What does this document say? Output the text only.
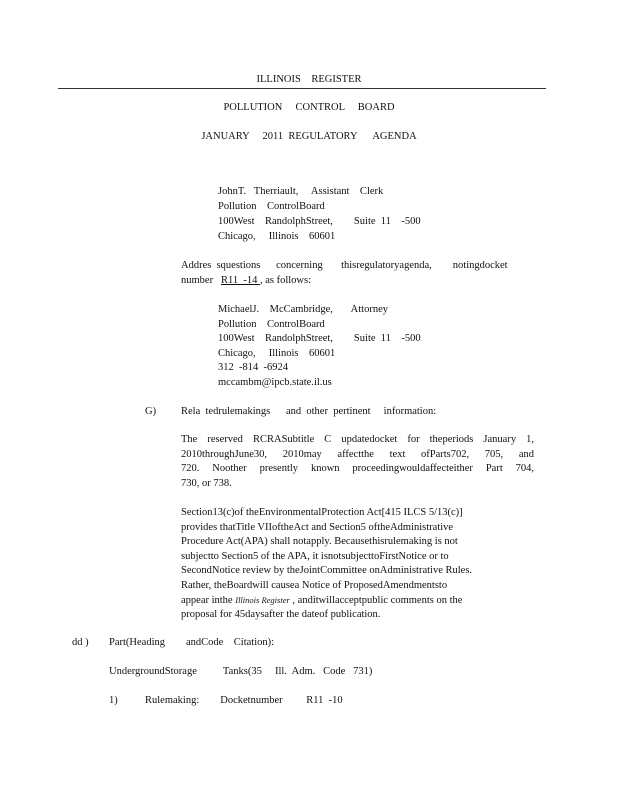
ILLINOIS    REGISTER
POLLUTION     CONTROL     BOARD
JANUARY     2011  REGULATORY      AGENDA
JohnT.   Therriault,     Assistant    Clerk
Pollution    ControlBoard
100West    RandolphStreet,        Suite  11    -500
Chicago,     Illinois    60601
Addres  squestions      concerning       thisregulatoryagenda,        notingdocket
number   R11  -14 , as follows:
MichaelJ.    McCambridge,       Attorney
Pollution    ControlBoard
100West    RandolphStreet,        Suite  11    -500
Chicago,     Illinois    60601
312  -814  -6924
mccambm@ipcb.state.il.us
G) Rela  tedrulemakings      and  other  pertinent     information:
The reserved RCRASubtitle C updatedocket for theperiods January 1,
2010throughJune30, 2010may affectthe text ofParts702, 705, and
720. Noother presently known proceedingwouldaffecteither Part 704,
730, or 738.
Section13(c)of theEnvironmentalProtection Act[415 ILCS 5/13(c)]
provides thatTitle VIIoftheAct and Section5 oftheAdministrative
Procedure Act(APA) shall notapply. Becausethisrulemaking is not
subjectto Section5 of the APA, it isnotsubjecttoFirstNotice or to
SecondNotice review by theJointCommittee onAdministrative Rules.
Rather, theBoardwill causea Notice of ProposedAmendmentsto
appear inthe Illinois Register , anditwillacceptpublic comments on the
proposal for 45daysafter the dateof publication.
dd ) Part(Heading        andCode    Citation):
UndergroundStorage          Tanks(35     Ill.  Adm.   Code   731)
1)	Rulemaking:        Docketnumber         R11  -10
